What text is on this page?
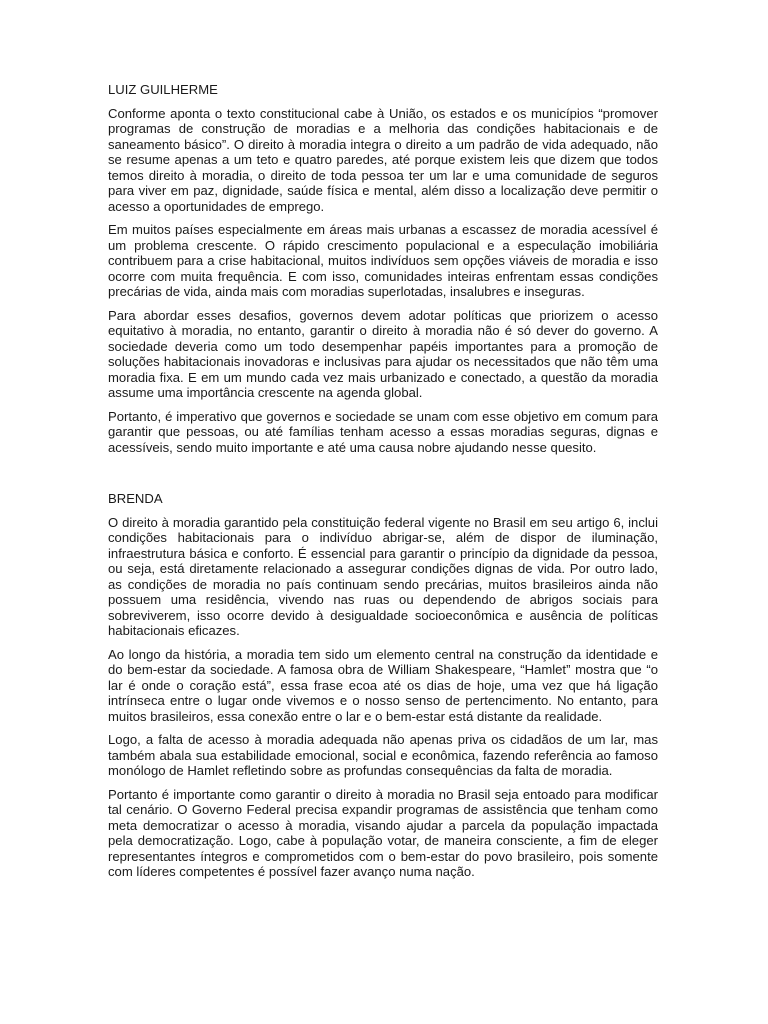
LUIZ GUILHERME

Conforme aponta o texto constitucional cabe à União, os estados e os municípios “promover programas de construção de moradias e a melhoria das condições habitacionais e de saneamento básico”. O direito à moradia integra o direito a um padrão de vida adequado, não se resume apenas a um teto e quatro paredes, até porque existem leis que dizem que todos temos direito à moradia, o direito de toda pessoa ter um lar e uma comunidade de seguros para viver em paz, dignidade, saúde física e mental, além disso a localização deve permitir o acesso a oportunidades de emprego.

Em muitos países especialmente em áreas mais urbanas a escassez de moradia acessível é um problema crescente. O rápido crescimento populacional e a especulação imobiliária contribuem para a crise habitacional, muitos indivíduos sem opções viáveis de moradia e isso ocorre com muita frequência. E com isso, comunidades inteiras enfrentam essas condições precárias de vida, ainda mais com moradias superlotadas, insalubres e inseguras.

Para abordar esses desafios, governos devem adotar políticas que priorizem o acesso equitativo à moradia, no entanto, garantir o direito à moradia não é só dever do governo. A sociedade deveria como um todo desempenhar papéis importantes para a promoção de soluções habitacionais inovadoras e inclusivas para ajudar os necessitados que não têm uma moradia fixa. E em um mundo cada vez mais urbanizado e conectado, a questão da moradia assume uma importância crescente na agenda global.

Portanto, é imperativo que governos e sociedade se unam com esse objetivo em comum para garantir que pessoas, ou até famílias tenham acesso a essas moradias seguras, dignas e acessíveis, sendo muito importante e até uma causa nobre ajudando nesse quesito.

BRENDA

O direito à moradia garantido pela constituição federal vigente no Brasil em seu artigo 6, inclui condições habitacionais para o indivíduo abrigar-se, além de dispor de iluminação, infraestrutura básica e conforto. É essencial para garantir o princípio da dignidade da pessoa, ou seja, está diretamente relacionado a assegurar condições dignas de vida. Por outro lado, as condições de moradia no país continuam sendo precárias, muitos brasileiros ainda não possuem uma residência, vivendo nas ruas ou dependendo de abrigos sociais para sobreviverem, isso ocorre devido à desigualdade socioeconômica e ausência de políticas habitacionais eficazes.

Ao longo da história, a moradia tem sido um elemento central na construção da identidade e do bem-estar da sociedade. A famosa obra de William Shakespeare, “Hamlet” mostra que “o lar é onde o coração está”, essa frase ecoa até os dias de hoje, uma vez que há ligação intrínseca entre o lugar onde vivemos e o nosso senso de pertencimento. No entanto, para muitos brasileiros, essa conexão entre o lar e o bem-estar está distante da realidade.

Logo, a falta de acesso à moradia adequada não apenas priva os cidadãos de um lar, mas também abala sua estabilidade emocional, social e econômica, fazendo referência ao famoso monólogo de Hamlet refletindo sobre as profundas consequências da falta de moradia.

Portanto é importante como garantir o direito à moradia no Brasil seja entoado para modificar tal cenário. O Governo Federal precisa expandir programas de assistência que tenham como meta democratizar o acesso à moradia, visando ajudar a parcela da população impactada pela democratização. Logo, cabe à população votar, de maneira consciente, a fim de eleger representantes íntegros e comprometidos com o bem-estar do povo brasileiro, pois somente com líderes competentes é possível fazer avanço numa nação.
